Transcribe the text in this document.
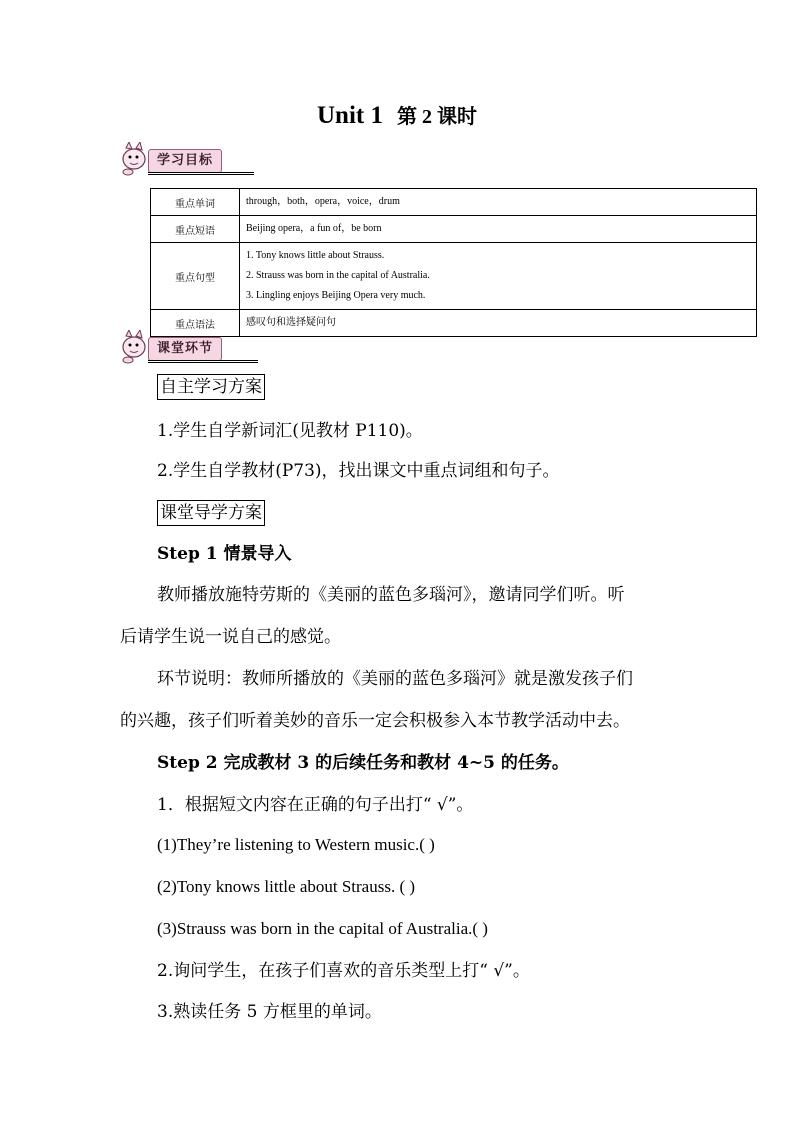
Unit 1 第 2 课时
学习目标
重点单词	through，both，opera，voice，drum

重点短语	Beijing opera，a fun of，be born

重点句型	1. Tony knows little about Strauss.
2. Strauss was born in the capital of Australia.
3. Lingling enjoys Beijing Opera very much.

重点语法	感叹句和选择疑问句
课堂环节
自主学习方案
1.学生自学新词汇(见教材 P110)。
2.学生自学教材(P73)，找出课文中重点词组和句子。
课堂导学方案
Step 1 情景导入
教师播放施特劳斯的《美丽的蓝色多瑙河》，邀请同学们听。听
后请学生说一说自己的感觉。
环节说明：教师所播放的《美丽的蓝色多瑙河》就是激发孩子们
的兴趣，孩子们听着美妙的音乐一定会积极参入本节教学活动中去。
Step 2 完成教材 3 的后续任务和教材 4~5 的任务。
1．根据短文内容在正确的句子出打“ √”。
(1)They’re listening to Western music.( )
(2)Tony knows little about Strauss. ( )
(3)Strauss was born in the capital of Australia.( )
2.询问学生，在孩子们喜欢的音乐类型上打“ √”。
3.熟读任务 5 方框里的单词。
